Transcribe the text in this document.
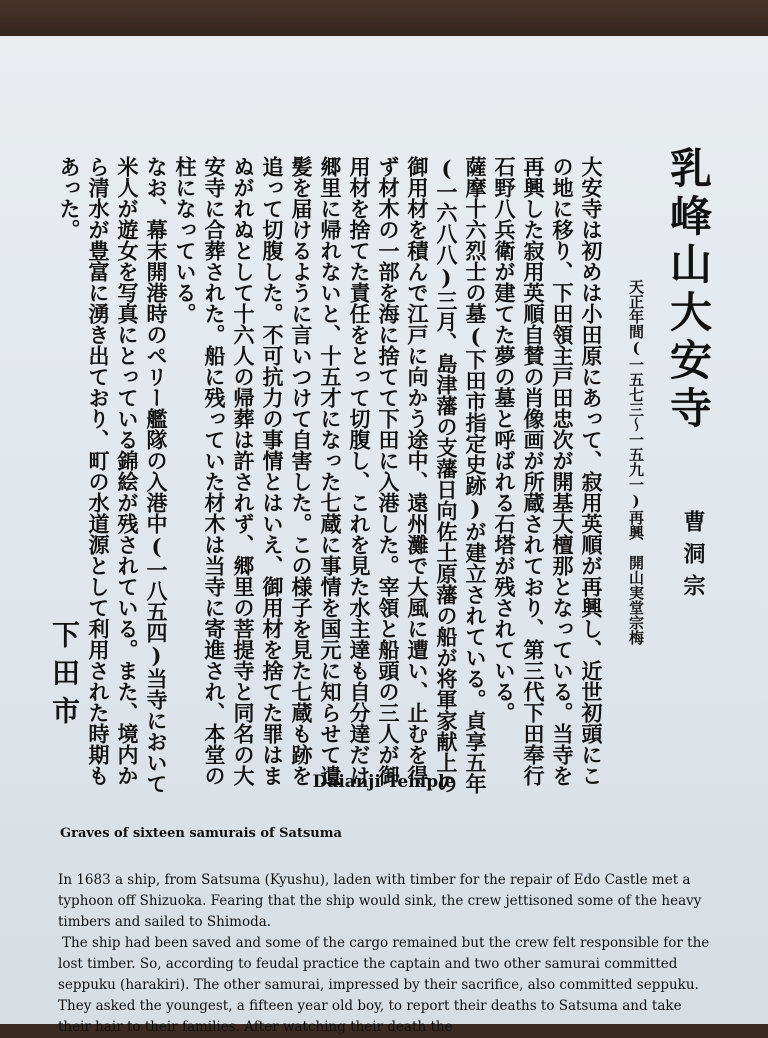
乳峰山大安寺
天正年間(一五七三〜一五九一)再興　開山実堂宗梅 曹洞宗

大安寺は初めは小田原にあって、寂用英順が再興し、近世初頭にこの地に移り、下田領主戸田忠次が開基大檀那となっている。当寺を再興した寂用英順自賛の肖像画が所蔵されており、第三代下田奉行石野八兵衛が建てた夢の墓と呼ばれる石塔が残されている。

薩摩十六烈士の墓(下田市指定史跡)が建立されている。貞享五年(一六八八)三月、島津藩の支藩日向佐土原藩の船が将軍家献上の御用材を積んで江戸に向かう途中、遠州灘で大風に遭い、止むを得ず材木の一部を海に捨てて下田に入港した。宰領と船頭の三人が御用材を捨てた責任をとって切腹し、これを見た水主達も自分達だけ郷里に帰れないと、十五才になった七蔵に事情を国元に知らせて遺髪を届けるように言いつけて自害した。この様子を見た七蔵も跡を追って切腹した。不可抗力の事情とはいえ、御用材を捨てた罪はまぬがれぬとして十六人の帰葬は許されず、郷里の菩提寺と同名の大安寺に合葬された。船に残っていた材木は当寺に寄進され、本堂の柱になっている。

なお、幕末開港時のペリー艦隊の入港中(一八五四)当寺において米人が遊女を写真にとっている錦絵が残されている。また、境内から清水が豊富に湧き出ており、町の水道源として利用された時期もあった。

下田市
Daianji Temple
Graves of sixteen samurais of Satsuma

In 1683 a ship, from Satsuma (Kyushu), laden with timber for the repair of Edo Castle met a typhoon off Shizuoka. Fearing that the ship would sink, the crew jettisoned some of the heavy timbers and sailed to Shimoda.

The ship had been saved and some of the cargo remained but the crew felt responsible for the lost timber. So, according to feudal practice the captain and two other samurai committed seppuku (harakiri). The other samurai, impressed by their sacrifice, also committed seppuku. They asked the youngest, a fifteen year old boy, to report their deaths to Satsuma and take their hair to their families. After watching their death the
